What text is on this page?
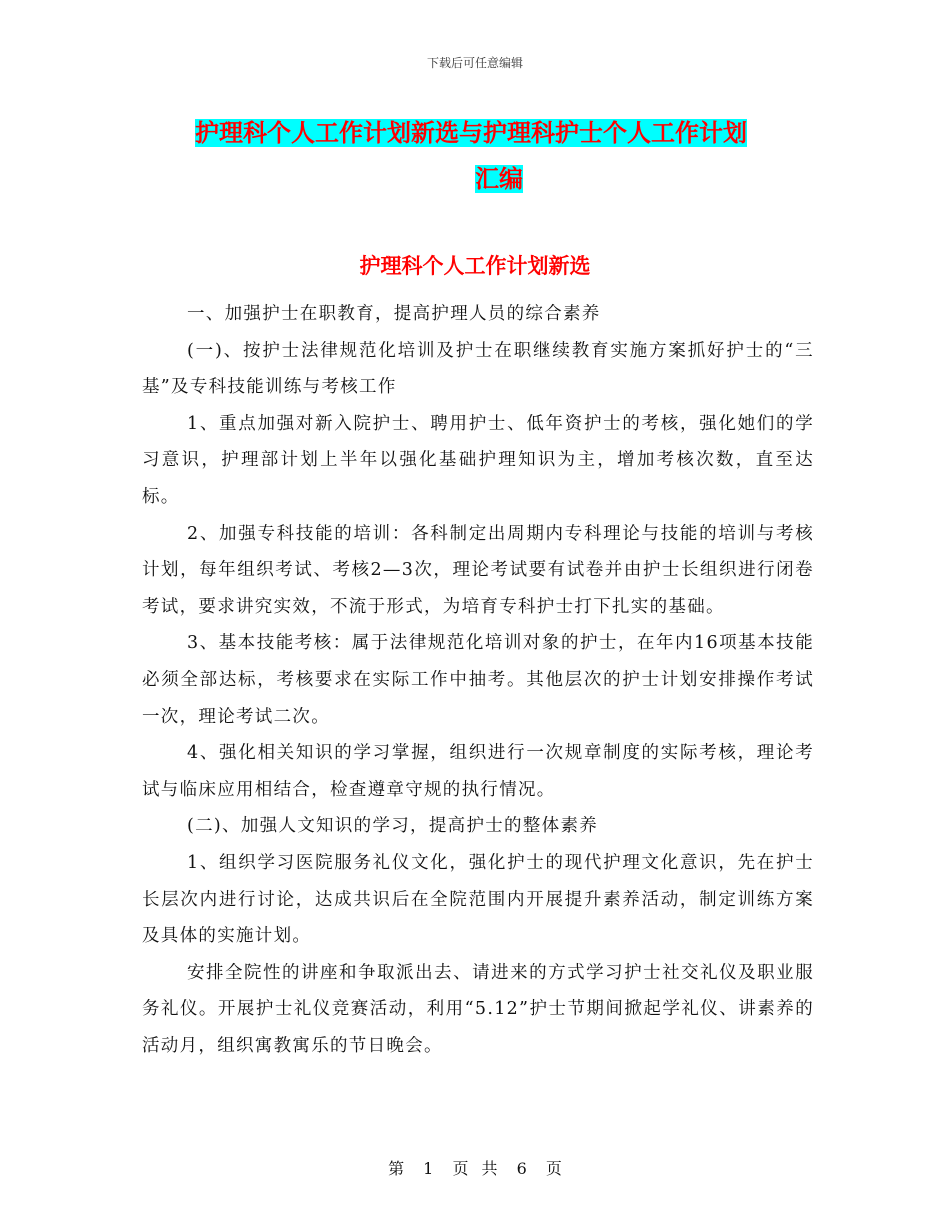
下载后可任意编辑
护理科个人工作计划新选与护理科护士个人工作计划
汇编
护理科个人工作计划新选

一、加强护士在职教育，提高护理人员的综合素养

(一)、按护士法律规范化培训及护士在职继续教育实施方案抓好护士的“三基”及专科技能训练与考核工作

1、重点加强对新入院护士、聘用护士、低年资护士的考核，强化她们的学习意识，护理部计划上半年以强化基础护理知识为主，增加考核次数，直至达标。

2、加强专科技能的培训：各科制定出周期内专科理论与技能的培训与考核计划，每年组织考试、考核2—3次，理论考试要有试卷并由护士长组织进行闭卷考试，要求讲究实效，不流于形式，为培育专科护士打下扎实的基础。

3、基本技能考核：属于法律规范化培训对象的护士，在年内16项基本技能必须全部达标，考核要求在实际工作中抽考。其他层次的护士计划安排操作考试一次，理论考试二次。

4、强化相关知识的学习掌握，组织进行一次规章制度的实际考核，理论考试与临床应用相结合，检查遵章守规的执行情况。

(二)、加强人文知识的学习，提高护士的整体素养

1、组织学习医院服务礼仪文化，强化护士的现代护理文化意识，先在护士长层次内进行讨论，达成共识后在全院范围内开展提升素养活动，制定训练方案及具体的实施计划。

安排全院性的讲座和争取派出去、请进来的方式学习护士社交礼仪及职业服务礼仪。开展护士礼仪竞赛活动，利用“5.12”护士节期间掀起学礼仪、讲素养的活动月，组织寓教寓乐的节日晚会。

第 1 页 共 6 页
